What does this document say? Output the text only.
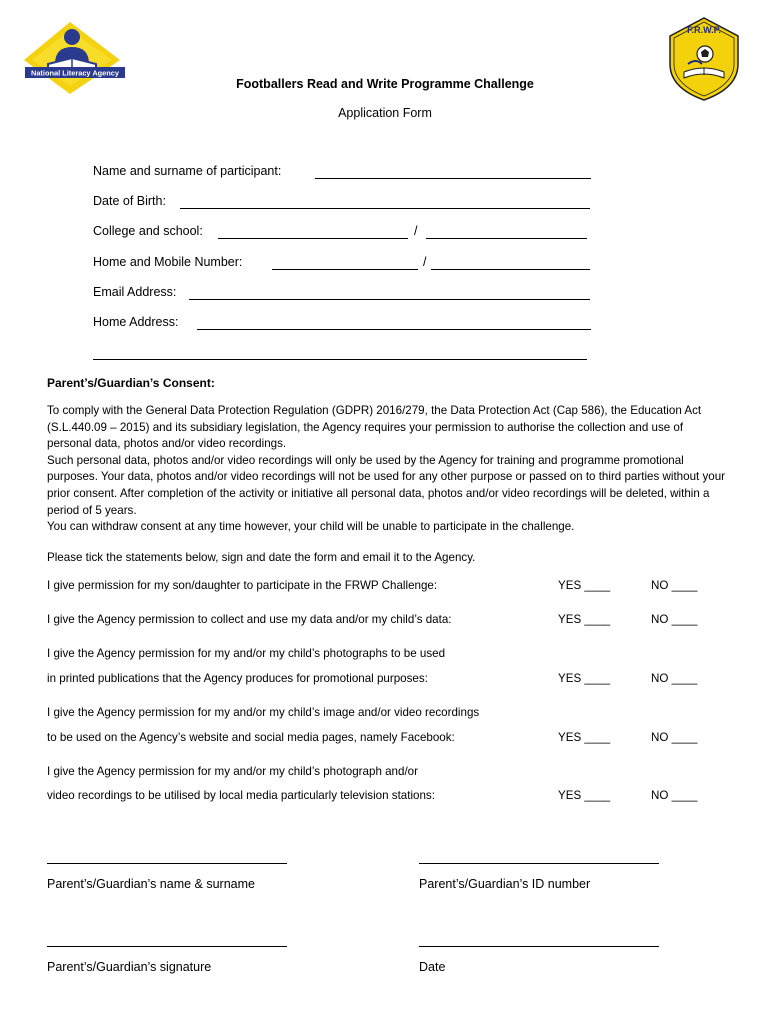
National Literacy Agency
F.R.W.P.
Footballers Read and Write Programme Challenge
Application Form
Name and surname of participant:
Date of Birth:
College and school:	/
Home and Mobile Number:	/
Email Address:
Home Address:
Parent’s/Guardian’s Consent:

To comply with the General Data Protection Regulation (GDPR) 2016/279, the Data Protection Act (Cap 586), the Education Act (S.L.440.09 – 2015) and its subsidiary legislation, the Agency requires your permission to authorise the collection and use of personal data, photos and/or video recordings.

Such personal data, photos and/or video recordings will only be used by the Agency for training and programme promotional purposes. Your data, photos and/or video recordings will not be used for any other purpose or passed on to third parties without your prior consent. After completion of the activity or initiative all personal data, photos and/or video recordings will be deleted, within a period of 5 years.

You can withdraw consent at any time however, your child will be unable to participate in the challenge.

Please tick the statements below, sign and date the form and email it to the Agency.
I give permission for my son/daughter to participate in the FRWP Challenge:	YES ____	NO ____
I give the Agency permission to collect and use my data and/or my child’s data:	YES ____	NO ____
I give the Agency permission for my and/or my child’s photographs to be used
in printed publications that the Agency produces for promotional purposes:	YES ____	NO ____
I give the Agency permission for my and/or my child’s image and/or video recordings
to be used on the Agency’s website and social media pages, namely Facebook:	YES ____	NO ____
I give the Agency permission for my and/or my child’s photograph and/or
video recordings to be utilised by local media particularly television stations:	YES ____	NO ____
Parent’s/Guardian’s name & surname	Parent’s/Guardian’s ID number
Parent’s/Guardian’s signature	Date
